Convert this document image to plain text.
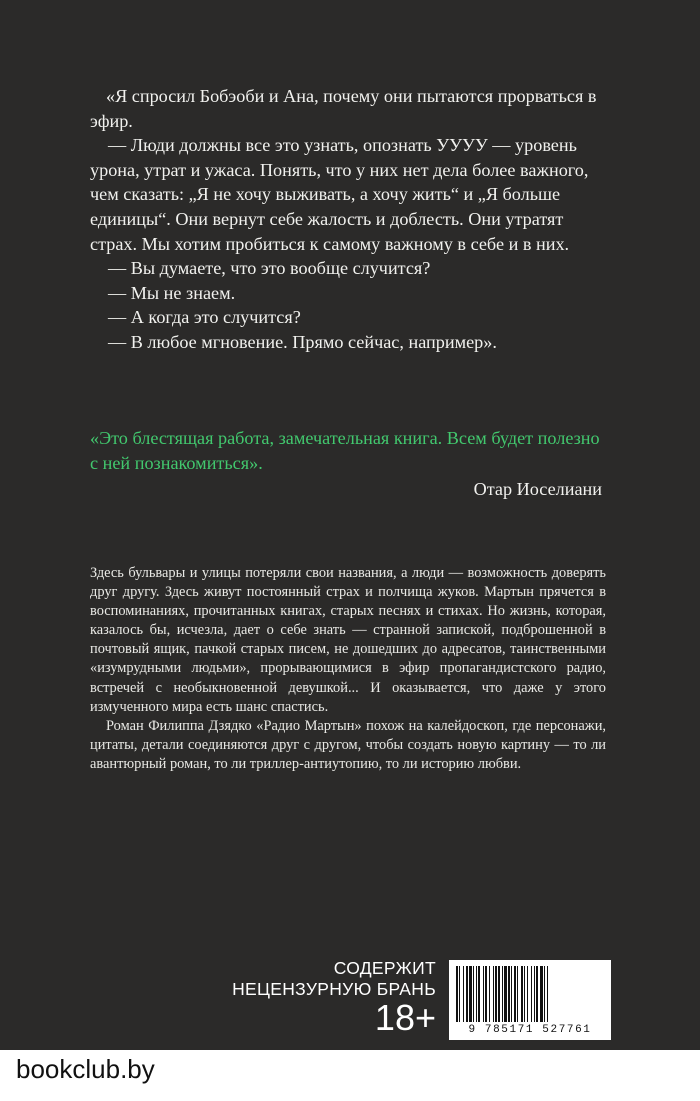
«Я спросил Бобэоби и Ана, почему они пытаются прорваться в эфир.

— Люди должны все это узнать, опознать УУУУ — уровень урона, утрат и ужаса. Понять, что у них нет дела более важного, чем сказать: „Я не хочу выживать, а хочу жить“ и „Я больше единицы“. Они вернут себе жалость и доблесть. Они утратят страх. Мы хотим пробиться к самому важному в себе и в них.

— Вы думаете, что это вообще случится?

— Мы не знаем.

— А когда это случится?

— В любое мгновение. Прямо сейчас, например».

«Это блестящая работа, замечательная книга. Всем будет полезно с ней познакомиться».
Отар Иоселиани

Здесь бульвары и улицы потеряли свои названия, а люди — возможность доверять друг другу. Здесь живут постоянный страх и полчища жуков. Мартын прячется в воспоминаниях, прочитанных книгах, старых песнях и стихах. Но жизнь, которая, казалось бы, исчезла, дает о себе знать — странной запиской, подброшенной в почтовый ящик, пачкой старых писем, не дошедших до адресатов, таинственными «изумрудными людьми», прорывающимися в эфир пропагандистского радио, встречей с необыкновенной девушкой... И оказывается, что даже у этого измученного мира есть шанс спастись.

Роман Филиппа Дзядко «Радио Мартын» похож на калейдоскоп, где персонажи, цитаты, детали соединяются друг с другом, чтобы создать новую картину — то ли авантюрный роман, то ли триллер-антиутопию, то ли историю любви.

СОДЕРЖИТ
НЕЦЕНЗУРНУЮ БРАНЬ
18+	9 785171 527761
bookclub.by
